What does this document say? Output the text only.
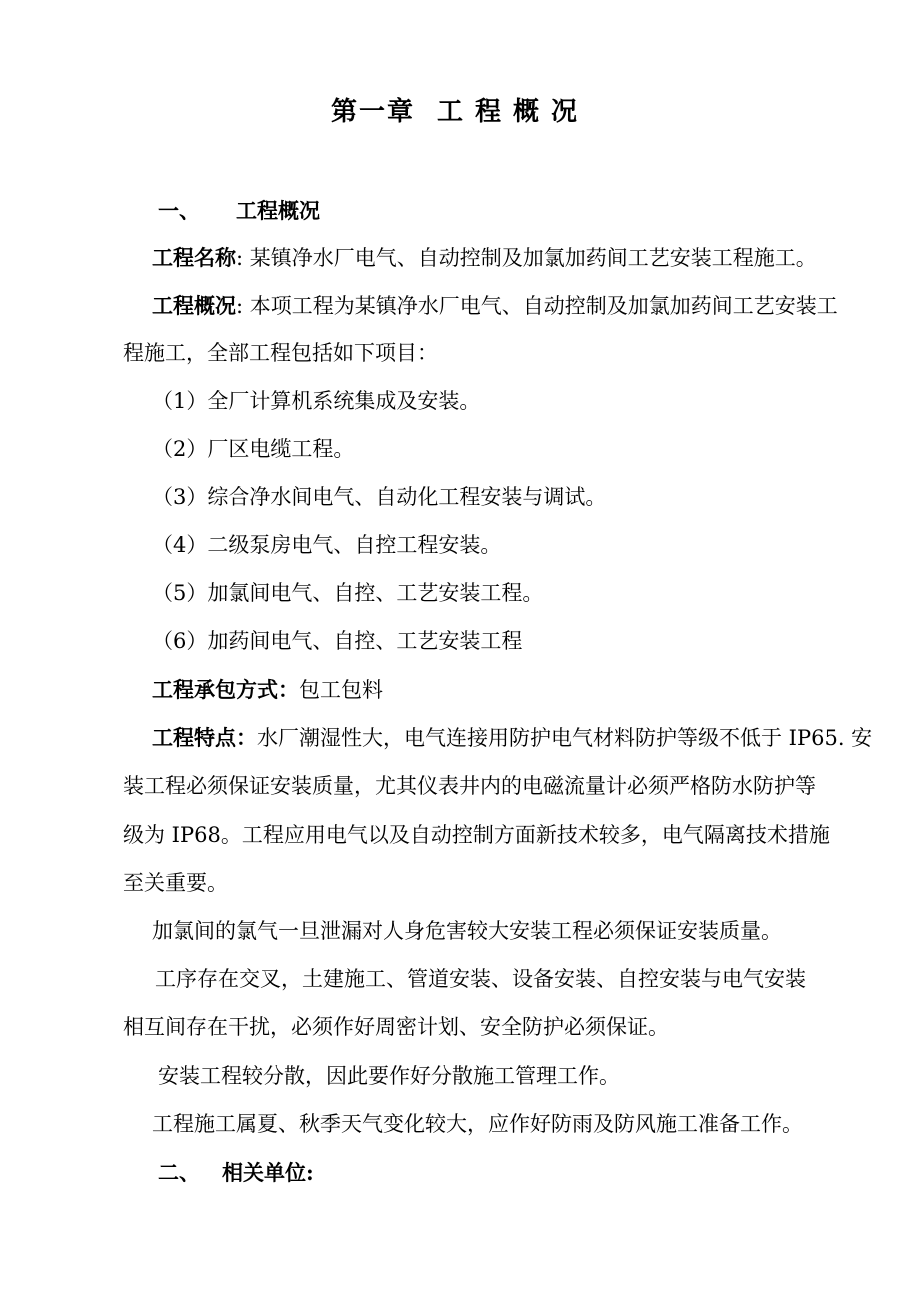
第一章 工程概况
一、 工程概况
工程名称: 某镇净水厂电气、自动控制及加氯加药间工艺安装工程施工。
工程概况: 本项工程为某镇净水厂电气、自动控制及加氯加药间工艺安装工
程施工，全部工程包括如下项目：
（1）全厂计算机系统集成及安装。
（2）厂区电缆工程。
（3）综合净水间电气、自动化工程安装与调试。
（4）二级泵房电气、自控工程安装。
（5）加氯间电气、自控、工艺安装工程。
（6）加药间电气、自控、工艺安装工程
工程承包方式：包工包料
工程特点：水厂潮湿性大，电气连接用防护电气材料防护等级不低于 IP65. 安
装工程必须保证安装质量，尤其仪表井内的电磁流量计必须严格防水防护等
级为 IP68。工程应用电气以及自动控制方面新技术较多，电气隔离技术措施
至关重要。
加氯间的氯气一旦泄漏对人身危害较大安装工程必须保证安装质量。
工序存在交叉，土建施工、管道安装、设备安装、自控安装与电气安装
相互间存在干扰，必须作好周密计划、安全防护必须保证。
安装工程较分散，因此要作好分散施工管理工作。
工程施工属夏、秋季天气变化较大，应作好防雨及防风施工准备工作。
二、 相关单位:
